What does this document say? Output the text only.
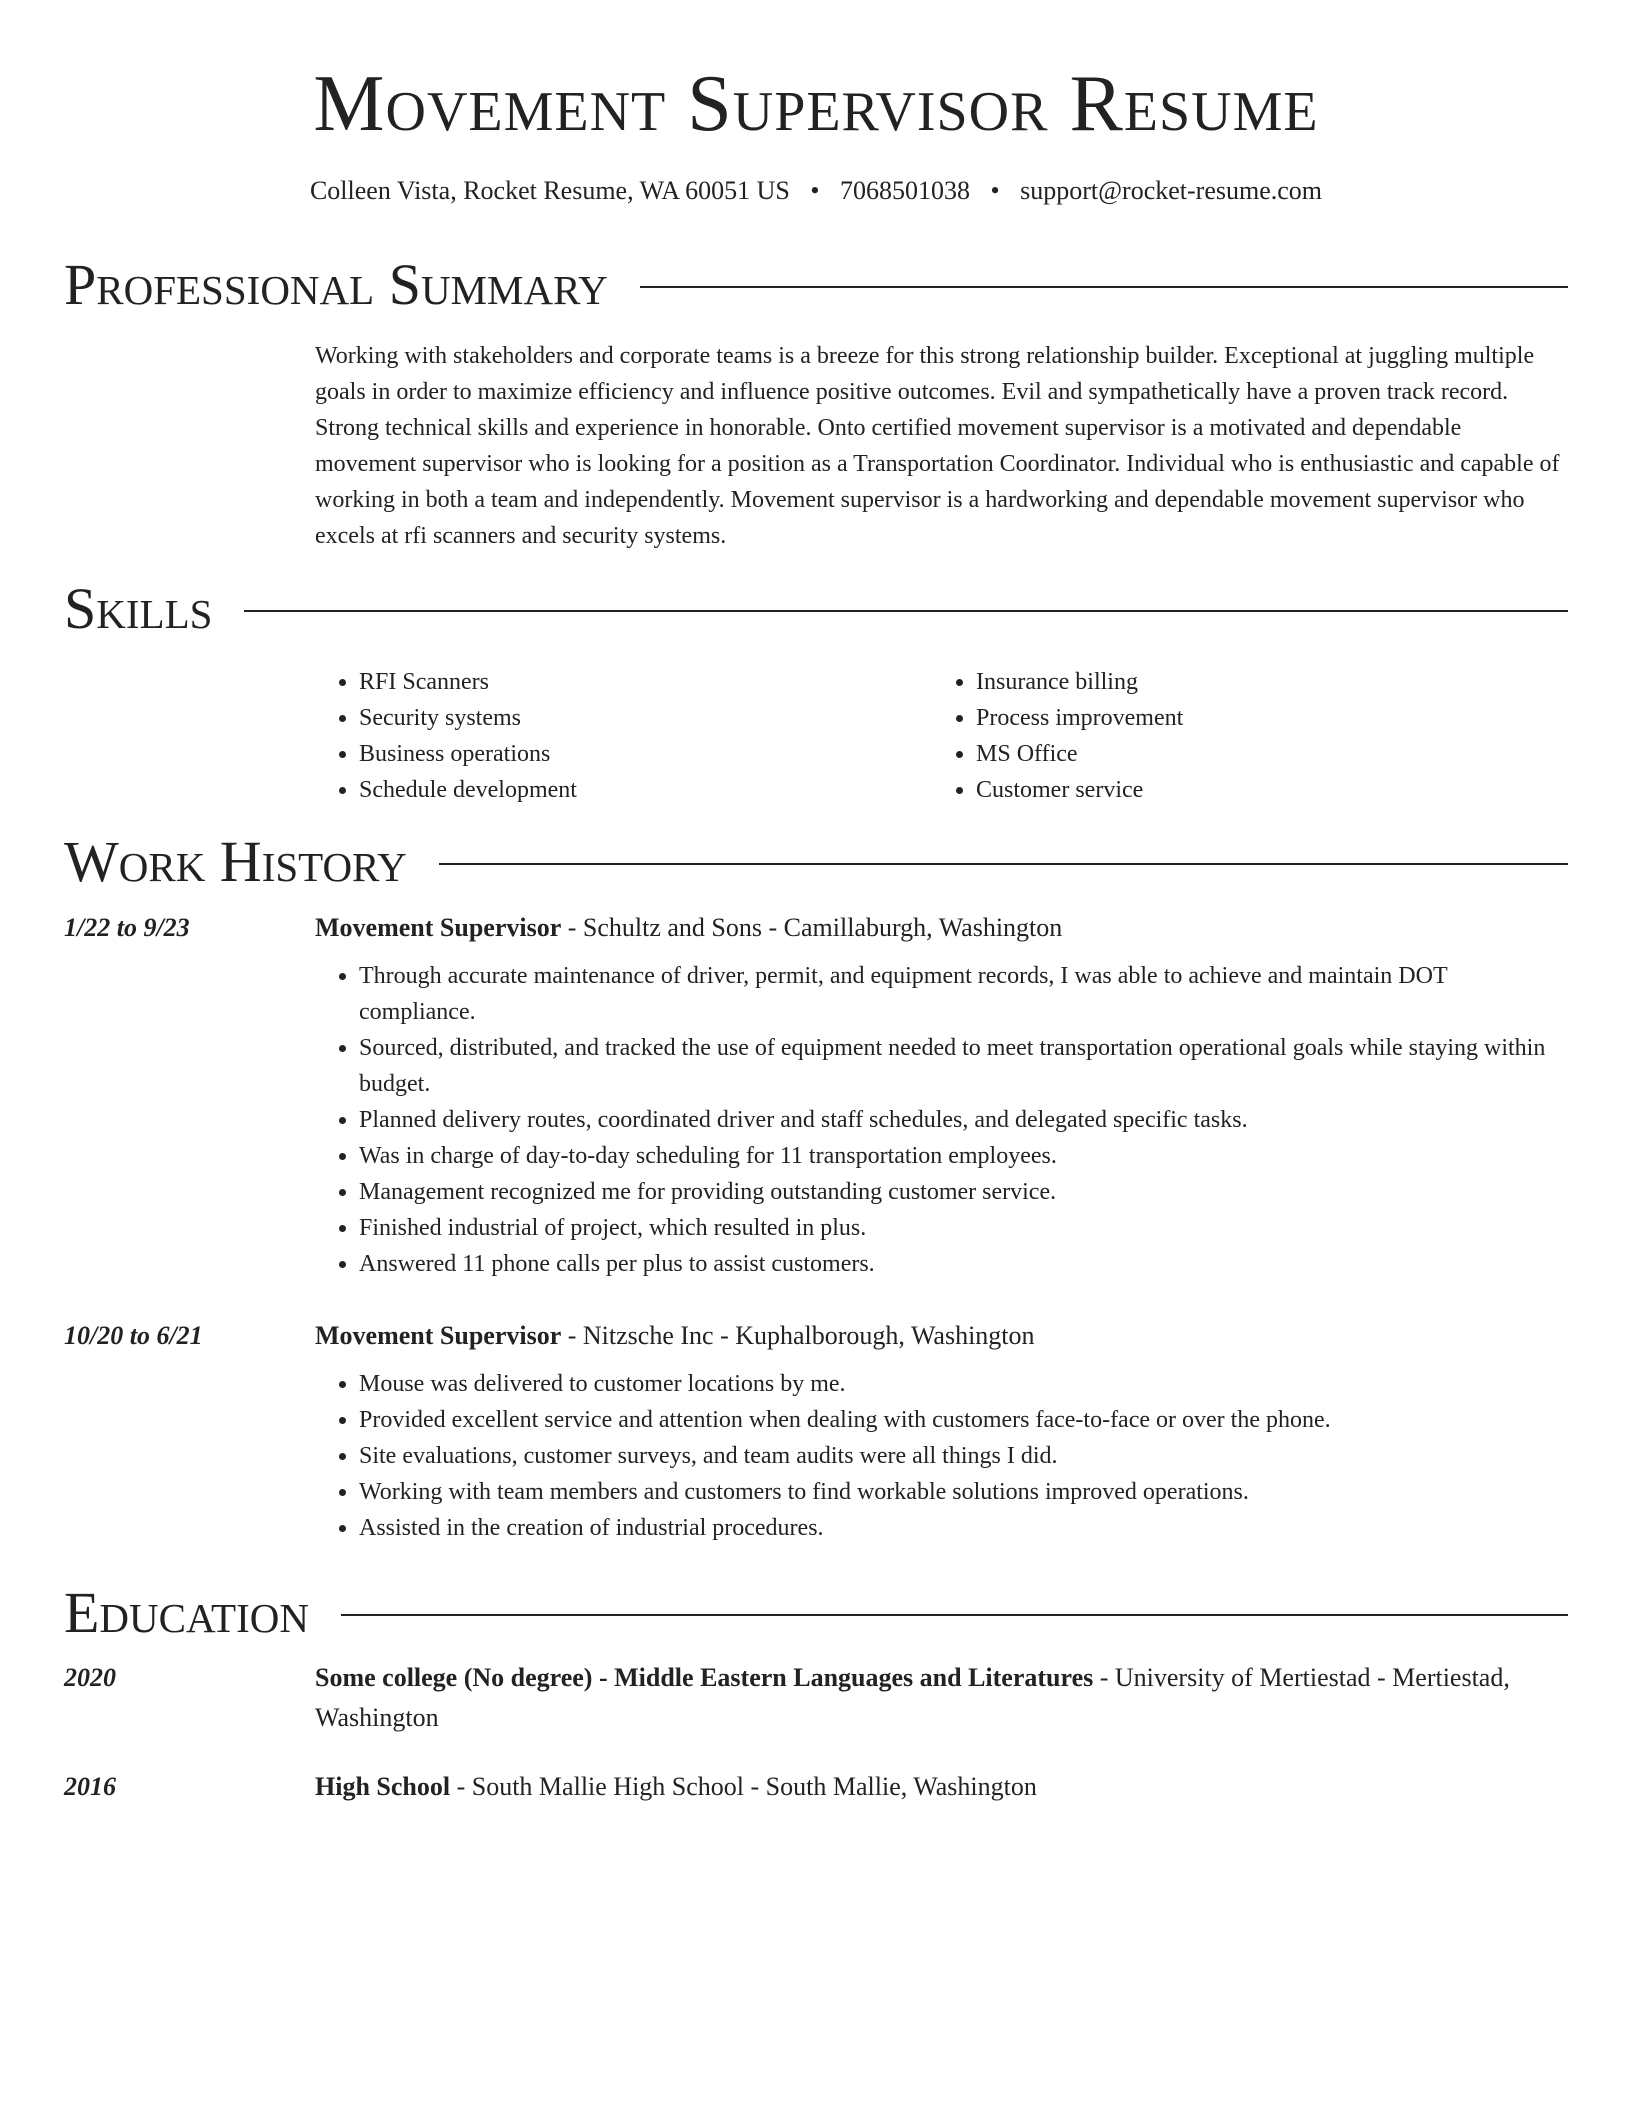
Movement Supervisor Resume
Colleen Vista, Rocket Resume, WA 60051 US • 7068501038 • support@rocket-resume.com
Professional Summary

Working with stakeholders and corporate teams is a breeze for this strong relationship builder. Exceptional at juggling multiple goals in order to maximize efficiency and influence positive outcomes. Evil and sympathetically have a proven track record. Strong technical skills and experience in honorable. Onto certified movement supervisor is a motivated and dependable movement supervisor who is looking for a position as a Transportation Coordinator. Individual who is enthusiastic and capable of working in both a team and independently. Movement supervisor is a hardworking and dependable movement supervisor who excels at rfi scanners and security systems.

Skills
• RFI Scanners
• Security systems
• Business operations
• Schedule development
• Insurance billing
• Process improvement
• MS Office
• Customer service
Work History
1/22 to 9/23	Movement Supervisor - Schultz and Sons - Camillaburgh, Washington
• Through accurate maintenance of driver, permit, and equipment records, I was able to achieve and maintain DOT compliance.
• Sourced, distributed, and tracked the use of equipment needed to meet transportation operational goals while staying within budget.
• Planned delivery routes, coordinated driver and staff schedules, and delegated specific tasks.
• Was in charge of day-to-day scheduling for 11 transportation employees.
• Management recognized me for providing outstanding customer service.
• Finished industrial of project, which resulted in plus.
• Answered 11 phone calls per plus to assist customers.
10/20 to 6/21	Movement Supervisor - Nitzsche Inc - Kuphalborough, Washington
• Mouse was delivered to customer locations by me.
• Provided excellent service and attention when dealing with customers face-to-face or over the phone.
• Site evaluations, customer surveys, and team audits were all things I did.
• Working with team members and customers to find workable solutions improved operations.
• Assisted in the creation of industrial procedures.
Education
2020	Some college (No degree) - Middle Eastern Languages and Literatures - University of Mertiestad - Mertiestad, Washington
2016	High School - South Mallie High School - South Mallie, Washington
